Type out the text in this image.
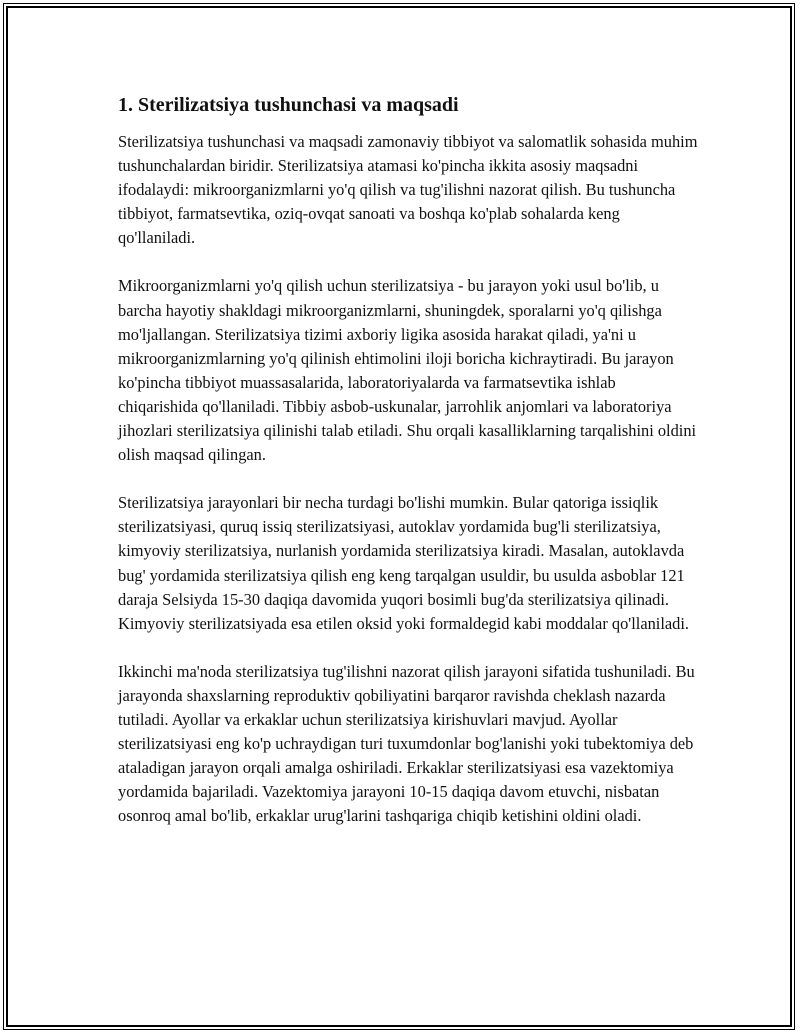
1. Sterilizatsiya tushunchasi va maqsadi

Sterilizatsiya tushunchasi va maqsadi zamonaviy tibbiyot va salomatlik sohasida muhim tushunchalardan biridir. Sterilizatsiya atamasi ko'pincha ikkita asosiy maqsadni ifodalaydi: mikroorganizmlarni yo'q qilish va tug'ilishni nazorat qilish. Bu tushuncha tibbiyot, farmatsevtika, oziq-ovqat sanoati va boshqa ko'plab sohalarda keng qo'llaniladi.

Mikroorganizmlarni yo'q qilish uchun sterilizatsiya - bu jarayon yoki usul bo'lib, u barcha hayotiy shakldagi mikroorganizmlarni, shuningdek, sporalarni yo'q qilishga mo'ljallangan. Sterilizatsiya tizimi axboriy ligika asosida harakat qiladi, ya'ni u mikroorganizmlarning yo'q qilinish ehtimolini iloji boricha kichraytiradi. Bu jarayon ko'pincha tibbiyot muassasalarida, laboratoriyalarda va farmatsevtika ishlab chiqarishida qo'llaniladi. Tibbiy asbob-uskunalar, jarrohlik anjomlari va laboratoriya jihozlari sterilizatsiya qilinishi talab etiladi. Shu orqali kasalliklarning tarqalishini oldini olish maqsad qilingan.

Sterilizatsiya jarayonlari bir necha turdagi bo'lishi mumkin. Bular qatoriga issiqlik sterilizatsiyasi, quruq issiq sterilizatsiyasi, autoklav yordamida bug'li sterilizatsiya, kimyoviy sterilizatsiya, nurlanish yordamida sterilizatsiya kiradi. Masalan, autoklavda bug' yordamida sterilizatsiya qilish eng keng tarqalgan usuldir, bu usulda asboblar 121 daraja Selsiyda 15-30 daqiqa davomida yuqori bosimli bug'da sterilizatsiya qilinadi. Kimyoviy sterilizatsiyada esa etilen oksid yoki formaldegid kabi moddalar qo'llaniladi.

Ikkinchi ma'noda sterilizatsiya tug'ilishni nazorat qilish jarayoni sifatida tushuniladi. Bu jarayonda shaxslarning reproduktiv qobiliyatini barqaror ravishda cheklash nazarda tutiladi. Ayollar va erkaklar uchun sterilizatsiya kirishuvlari mavjud. Ayollar sterilizatsiyasi eng ko'p uchraydigan turi tuxumdonlar bog'lanishi yoki tubektomiya deb ataladigan jarayon orqali amalga oshiriladi. Erkaklar sterilizatsiyasi esa vazektomiya yordamida bajariladi. Vazektomiya jarayoni 10-15 daqiqa davom etuvchi, nisbatan osonroq amal bo'lib, erkaklar urug'larini tashqariga chiqib ketishini oldini oladi.
